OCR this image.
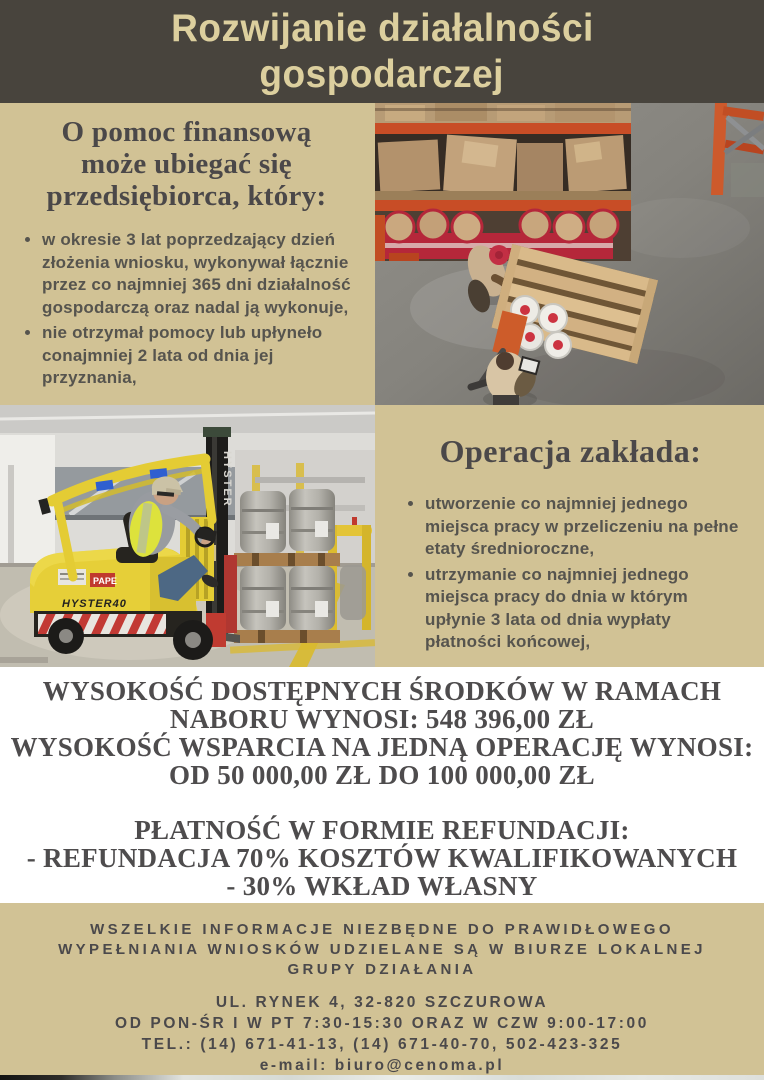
Rozwijanie działalności
gospodarczej
O pomoc finansową
może ubiegać się
przedsiębiorca, który:
• w okresie 3 lat poprzedzający dzień złożenia wniosku, wykonywał łącznie przez co najmniej 365 dni działalność gospodarczą oraz nadal ją wykonuje,
• nie otrzymał pomocy lub upłyneło conajmniej 2 lata od dnia jej przyznania,
HYSTER
HYSTER40
PAPE
Operacja zakłada:
• utworzenie co najmniej jednego miejsca pracy w przeliczeniu na pełne etaty średnioroczne,
• utrzymanie co najmniej jednego miejsca pracy do dnia w którym upłynie 3 lata od dnia wypłaty płatności końcowej,
WYSOKOŚĆ DOSTĘPNYCH ŚRODKÓW W RAMACH
NABORU WYNOSI: 548 396,00 ZŁ
WYSOKOŚĆ WSPARCIA NA JEDNĄ OPERACJĘ WYNOSI:
OD 50 000,00 ZŁ DO 100 000,00 ZŁ
PŁATNOŚĆ W FORMIE REFUNDACJI:
- REFUNDACJA 70% KOSZTÓW KWALIFIKOWANYCH
- 30% WKŁAD WŁASNY
WSZELKIE INFORMACJE NIEZBĘDNE DO PRAWIDŁOWEGO
WYPEŁNIANIA WNIOSKÓW UDZIELANE SĄ W BIURZE LOKALNEJ
GRUPY DZIAŁANIA
UL. RYNEK 4, 32-820 SZCZUROWA
OD PON-ŚR I W PT 7:30-15:30 ORAZ W CZW 9:00-17:00
TEL.: (14) 671-41-13, (14) 671-40-70, 502-423-325
e-mail: biuro@cenoma.pl
